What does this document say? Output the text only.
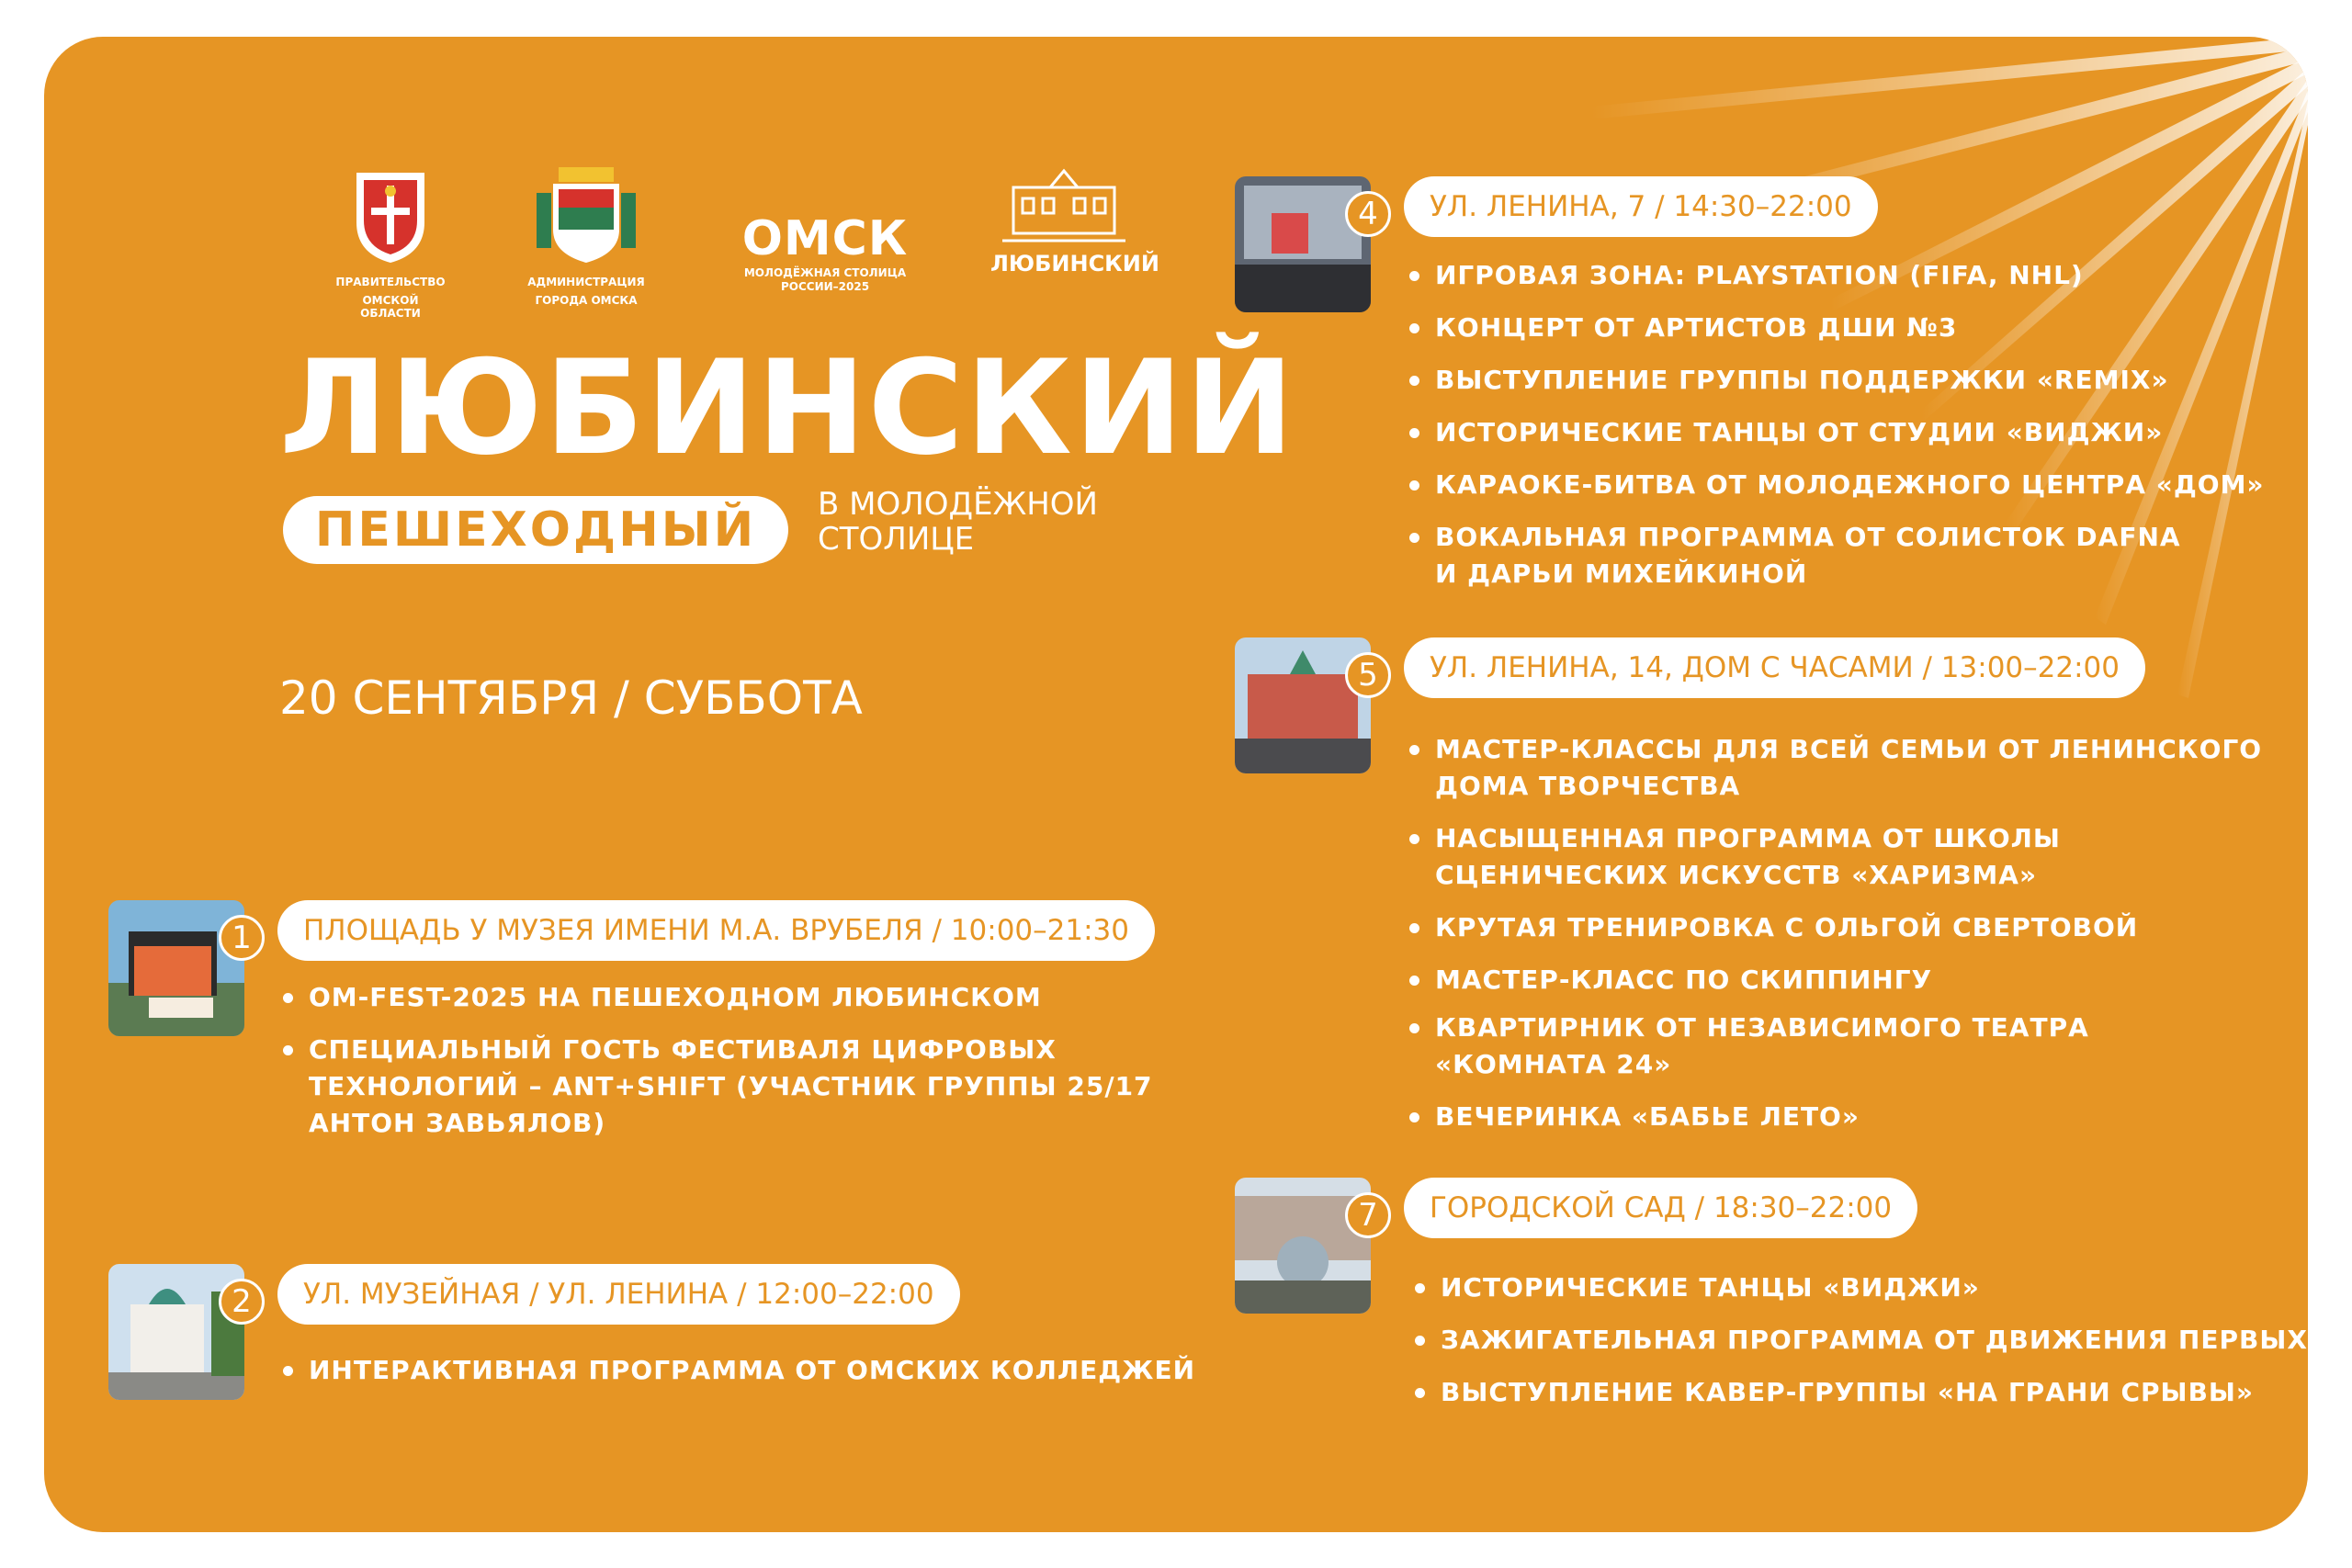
ПРАВИТЕЛЬСТВО
ОМСКОЙ ОБЛАСТИ
АДМИНИСТРАЦИЯ
ГОРОДА ОМСКА
ОМСК
МОЛОДЁЖНАЯ СТОЛИЦА
РОССИИ–2025
ЛЮБИНСКИЙ
ЛЮБИНСКИЙ
ПЕШЕХОДНЫЙ	В МОЛОДЁЖНОЙ
СТОЛИЦЕ
20 СЕНТЯБРЯ / СУББОТА
1	ПЛОЩАДЬ У МУЗЕЯ ИМЕНИ М.А. ВРУБЕЛЯ / 10:00–21:30
OM-FEST-2025 НА ПЕШЕХОДНОМ ЛЮБИНСКОМ
СПЕЦИАЛЬНЫЙ ГОСТЬ ФЕСТИВАЛЯ ЦИФРОВЫХ
ТЕХНОЛОГИЙ – ANT+SHIFT (УЧАСТНИК ГРУППЫ 25/17
АНТОН ЗАВЬЯЛОВ)
2	УЛ. МУЗЕЙНАЯ / УЛ. ЛЕНИНА / 12:00–22:00
ИНТЕРАКТИВНАЯ ПРОГРАММА ОТ ОМСКИХ КОЛЛЕДЖЕЙ
4	УЛ. ЛЕНИНА, 7 / 14:30–22:00
ИГРОВАЯ ЗОНА: PLAYSTATION (FIFA, NHL)
КОНЦЕРТ ОТ АРТИСТОВ ДШИ №3
ВЫСТУПЛЕНИЕ ГРУППЫ ПОДДЕРЖКИ «REMIX»
ИСТОРИЧЕСКИЕ ТАНЦЫ ОТ СТУДИИ «ВИДЖИ»
КАРАОКЕ-БИТВА ОТ МОЛОДЕЖНОГО ЦЕНТРА «ДОМ»
ВОКАЛЬНАЯ ПРОГРАММА ОТ СОЛИСТОК DAFNA
И ДАРЬИ МИХЕЙКИНОЙ
5	УЛ. ЛЕНИНА, 14, ДОМ С ЧАСАМИ / 13:00–22:00
МАСТЕР-КЛАССЫ ДЛЯ ВСЕЙ СЕМЬИ ОТ ЛЕНИНСКОГО
ДОМА ТВОРЧЕСТВА
НАСЫЩЕННАЯ ПРОГРАММА ОТ ШКОЛЫ
СЦЕНИЧЕСКИХ ИСКУССТВ «ХАРИЗМА»
КРУТАЯ ТРЕНИРОВКА С ОЛЬГОЙ СВЕРТОВОЙ
МАСТЕР-КЛАСС ПО СКИППИНГУ
КВАРТИРНИК ОТ НЕЗАВИСИМОГО ТЕАТРА
«КОМНАТА 24»
ВЕЧЕРИНКА «БАБЬЕ ЛЕТО»
7	ГОРОДСКОЙ САД / 18:30–22:00
ИСТОРИЧЕСКИЕ ТАНЦЫ «ВИДЖИ»
ЗАЖИГАТЕЛЬНАЯ ПРОГРАММА ОТ ДВИЖЕНИЯ ПЕРВЫХ
ВЫСТУПЛЕНИЕ КАВЕР-ГРУППЫ «НА ГРАНИ СРЫВЫ»
